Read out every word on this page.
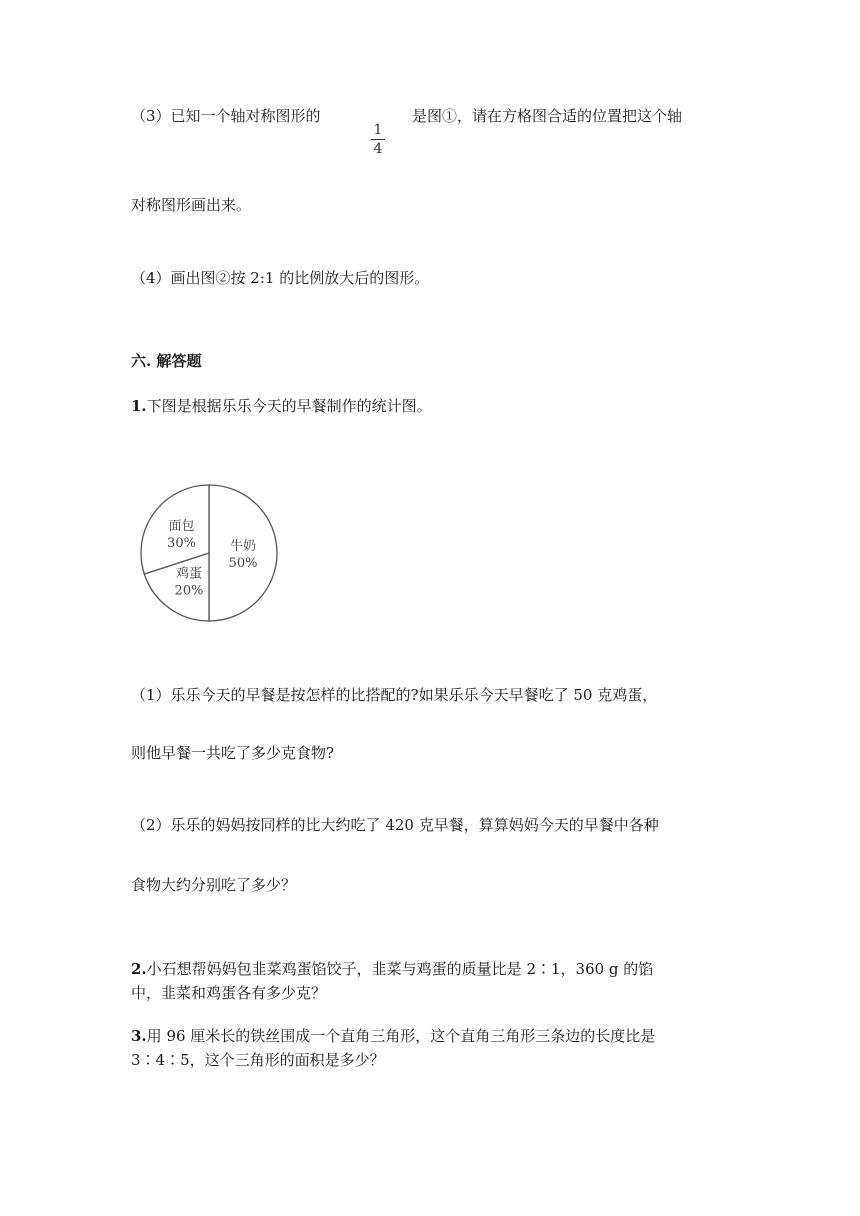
（3）已知一个轴对称图形的
1
4
是图①，请在方格图合适的位置把这个轴
对称图形画出来。
（4）画出图②按 2:1 的比例放大后的图形。
六. 解答题
1.下图是根据乐乐今天的早餐制作的统计图。
牛奶
50%
鸡蛋
20%
面包
30%
（1）乐乐今天的早餐是按怎样的比搭配的?如果乐乐今天早餐吃了 50 克鸡蛋，
则他早餐一共吃了多少克食物?
（2）乐乐的妈妈按同样的比大约吃了 420 克早餐，算算妈妈今天的早餐中各种
食物大约分别吃了多少？
2.小石想帮妈妈包韭菜鸡蛋馅饺子，韭菜与鸡蛋的质量比是 2∶1，360 g 的馅
中，韭菜和鸡蛋各有多少克？
3.用 96 厘米长的铁丝围成一个直角三角形，这个直角三角形三条边的长度比是
3∶4∶5，这个三角形的面积是多少？
